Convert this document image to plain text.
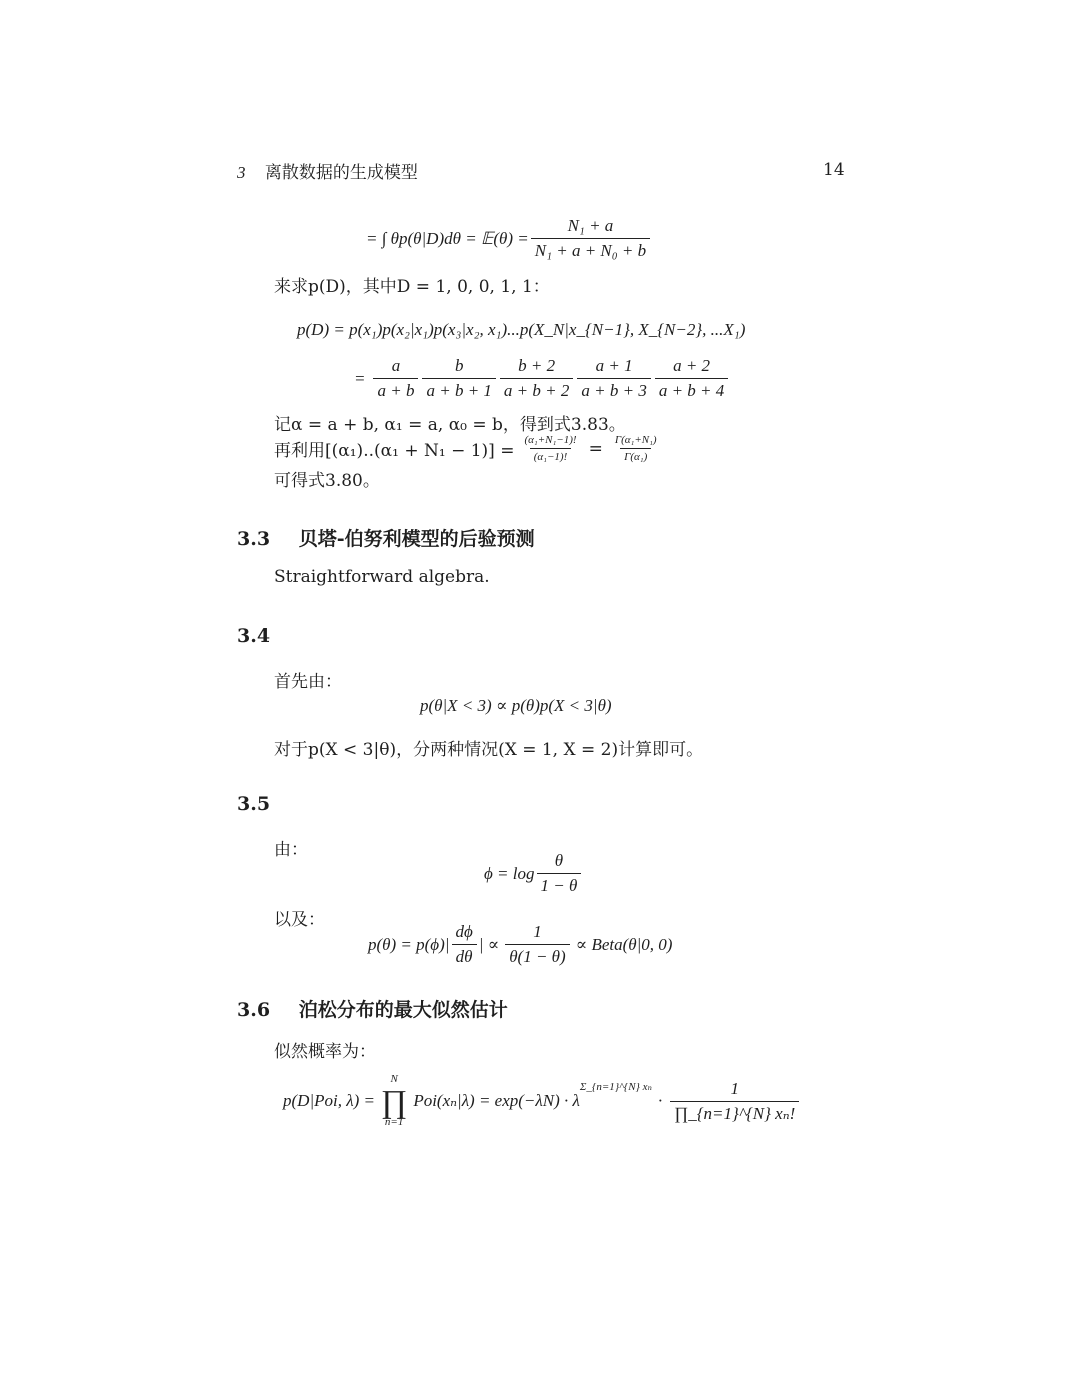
3 离散数据的生成模型	14
= ∫ θp(θ|D)dθ = 𝔼(θ) = $\frac{\text{N₁ + a}}{\text{N₁ + a + N₀ + b}}$
来求p(D)，其中D = 1, 0, 0, 1, 1：
p(D) = p(x₁)p(x₂|x₁)p(x₃|x₂, x₁)...p(X_N|x_{N−1}, X_{N−2}, ...X₁)
= $\frac{a}{a + b} \frac{b}{a + b + 1} \frac{b + 2}{a + b + 2} \frac{a + 1}{a + b + 3} \frac{a + 2}{a + b + 4}$
记α = a + b, α₁ = a, α₀ = b，得到式3.83。
再利用$[(\alpha_1)..(\alpha_1 + N_1 - 1)] = \frac{\text{(α₁+N₁−1)!}}{\text{(α₁−1)!}} = \frac{\text{Γ(α₁+N₁)}}{\text{Γ(α₁)}}$
可得式3.80。
3.3 贝塔-伯努利模型的后验预测
Straightforward algebra.
3.4
首先由：
p(θ|X < 3) ∝ p(θ)p(X < 3|θ)
对于p(X < 3|θ)，分两种情况(X = 1, X = 2)计算即可。
3.5
由：
$\phi = \log \frac{\theta}{1 - \theta}$
以及：
$p(\theta) = p(\phi)| \frac{d\phi}{d\theta}$ | ∝ $\frac{1}{\theta(1 - \theta)}$ ∝ Beta(θ|0, 0)
3.6 泊松分布的最大似然估计
似然概率为：
p(D|Poi, λ) =
N
∏
n=1
Poi(xₙ|λ) = exp(−λN) · λ
$^{\Sigma\_\{n=1\}\^{}\{N\} x_n}$
· $\frac{1}{\text{∏\_\{n=1\}\textasciicircum{}\{N\} xₙ!}}$
